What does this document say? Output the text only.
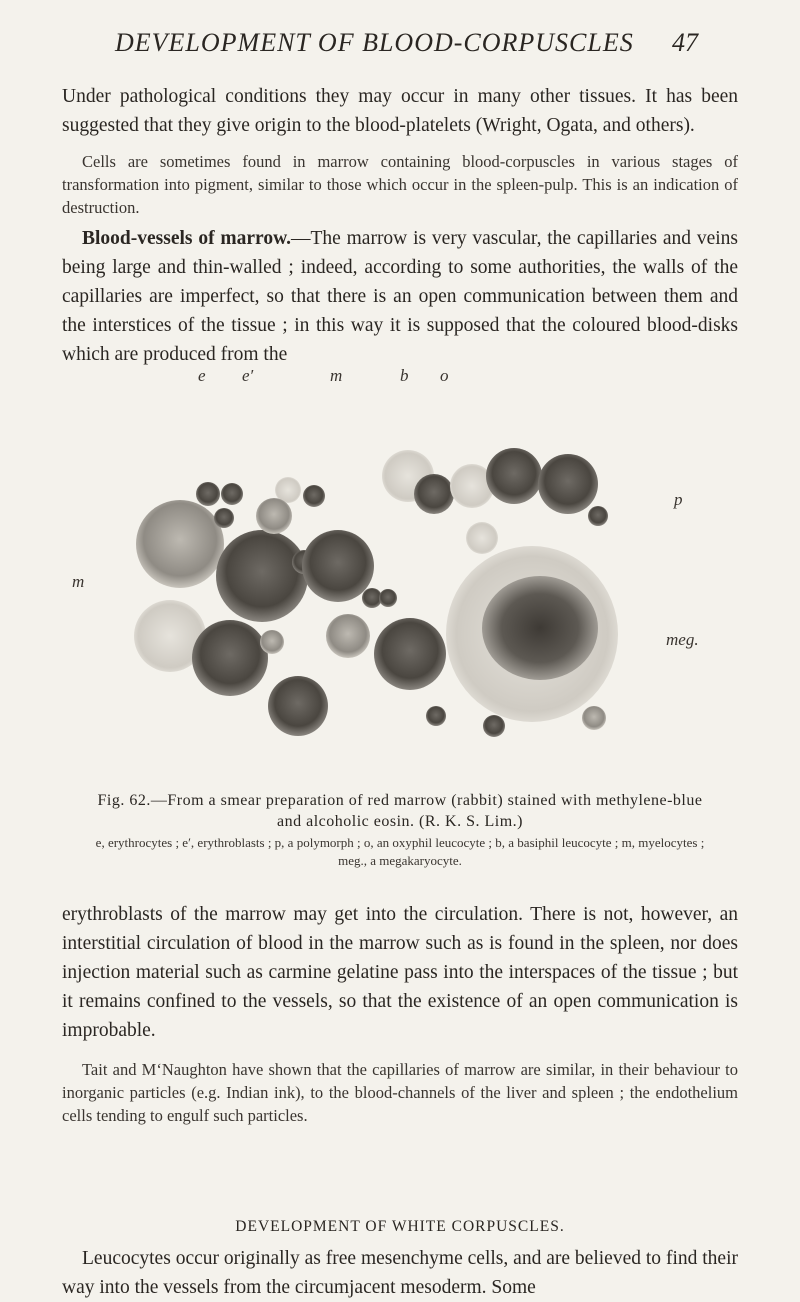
DEVELOPMENT OF BLOOD-CORPUSCLES 47

Under pathological conditions they may occur in many other tissues. It has been suggested that they give origin to the blood-platelets (Wright, Ogata, and others).

Cells are sometimes found in marrow containing blood-corpuscles in various stages of transformation into pigment, similar to those which occur in the spleen-pulp. This is an indication of destruction.

Blood-vessels of marrow.—The marrow is very vascular, the capillaries and veins being large and thin-walled ; indeed, according to some authorities, the walls of the capillaries are imperfect, so that there is an open communication between them and the interstices of the tissue ; in this way it is supposed that the coloured blood-disks which are produced from the

e e′	m	b o
m
p
meg.
Fig. 62.—From a smear preparation of red marrow (rabbit) stained with methylene-blue and alcoholic eosin. (R. K. S. Lim.)
e, erythrocytes ; e′, erythroblasts ; p, a polymorph ; o, an oxyphil leucocyte ; b, a basiphil leucocyte ; m, myelocytes ; meg., a megakaryocyte.

erythroblasts of the marrow may get into the circulation. There is not, however, an interstitial circulation of blood in the marrow such as is found in the spleen, nor does injection material such as carmine gelatine pass into the interspaces of the tissue ; but it remains confined to the vessels, so that the existence of an open communication is improbable.

Tait and M‘Naughton have shown that the capillaries of marrow are similar, in their behaviour to inorganic particles (e.g. Indian ink), to the blood-channels of the liver and spleen ; the endothelium cells tending to engulf such particles.

DEVELOPMENT OF WHITE CORPUSCLES.

Leucocytes occur originally as free mesenchyme cells, and are believed to find their way into the vessels from the circumjacent mesoderm. Some
